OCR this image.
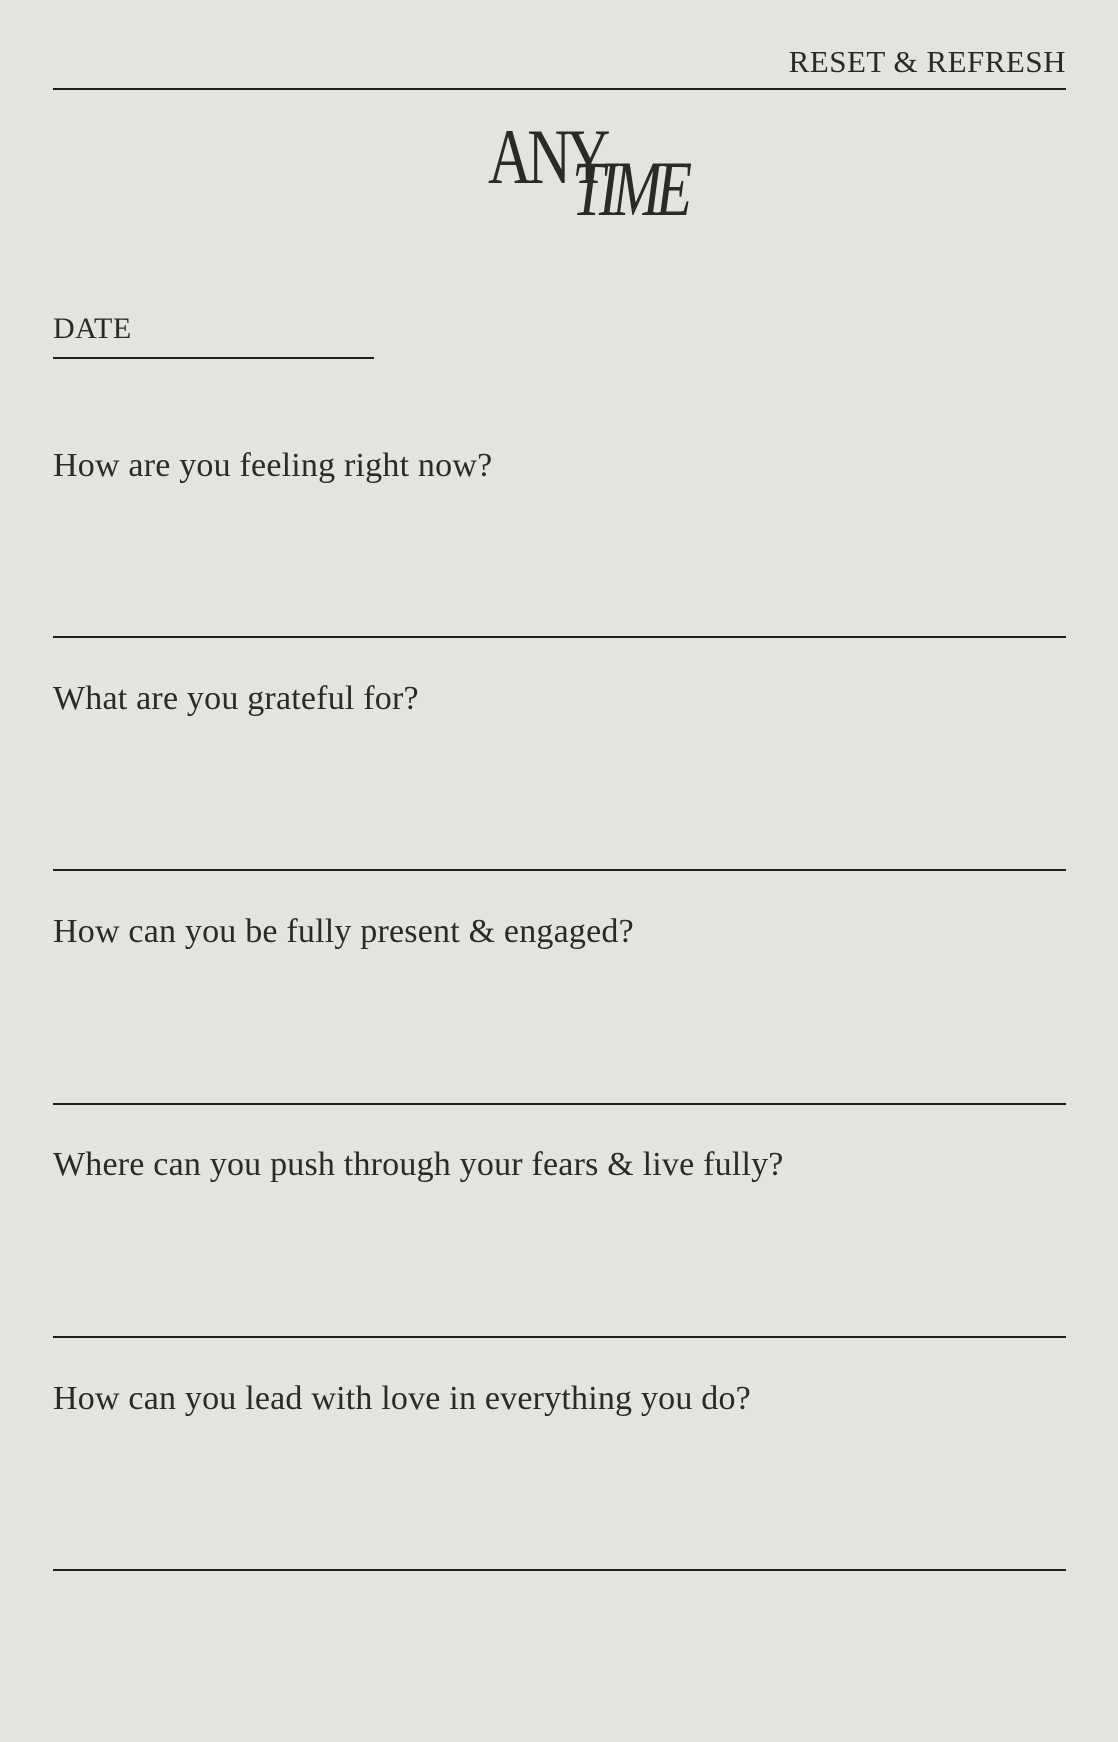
RESET & REFRESH
ANY
TIME
DATE
How are you feeling right now?
What are you grateful for?
How can you be fully present & engaged?
Where can you push through your fears & live fully?
How can you lead with love in everything you do?
